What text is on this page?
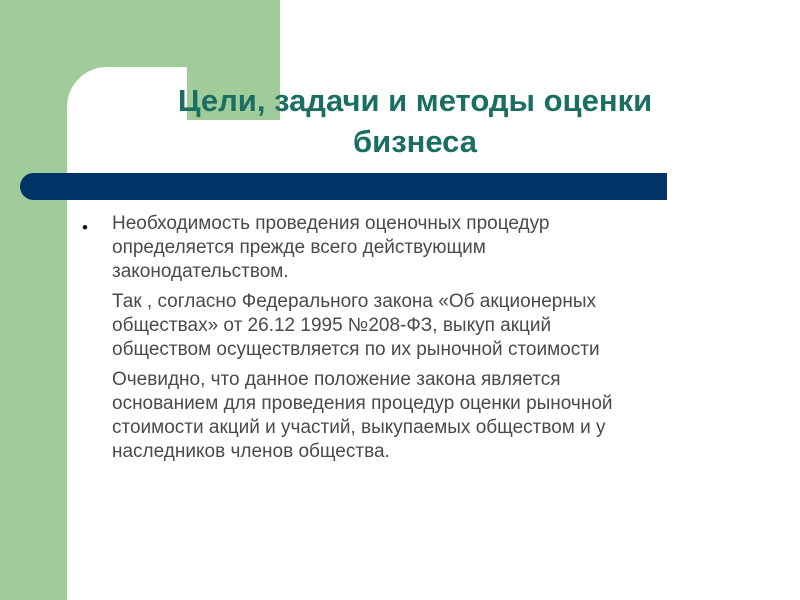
Цели, задачи и методы оценки
бизнеса
• Необходимость проведения оценочных процедур
определяется прежде всего действующим
законодательством.
Так , согласно Федерального закона «Об акционерных
обществах» от 26.12 1995 №208-ФЗ, выкуп акций
обществом осуществляется по их рыночной стоимости
Очевидно, что данное положение закона является
основанием для проведения процедур оценки рыночной
стоимости акций и участий, выкупаемых обществом и у
наследников членов общества.
